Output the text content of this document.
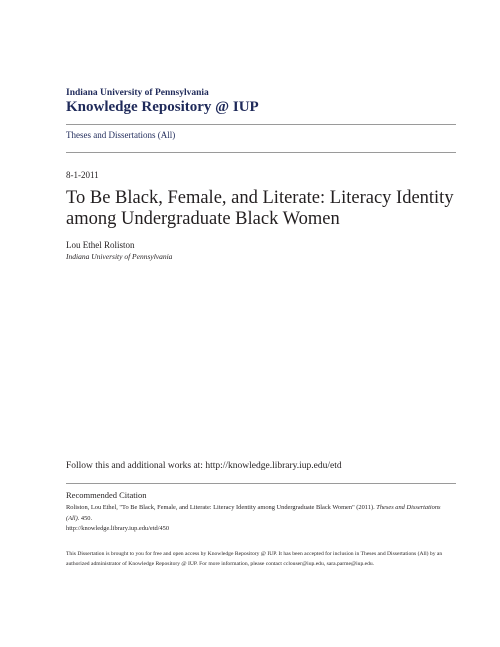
Indiana University of Pennsylvania
Knowledge Repository @ IUP
Theses and Dissertations (All)
8-1-2011
To Be Black, Female, and Literate: Literacy Identity among Undergraduate Black Women
Lou Ethel Roliston
Indiana University of Pennsylvania
Follow this and additional works at: http://knowledge.library.iup.edu/etd
Recommended Citation
Roliston, Lou Ethel, "To Be Black, Female, and Literate: Literacy Identity among Undergraduate Black Women" (2011). Theses and Dissertations (All). 450.
http://knowledge.library.iup.edu/etd/450
This Dissertation is brought to you for free and open access by Knowledge Repository @ IUP. It has been accepted for inclusion in Theses and Dissertations (All) by an authorized administrator of Knowledge Repository @ IUP. For more information, please contact cclouser@iup.edu, sara.parme@iup.edu.
